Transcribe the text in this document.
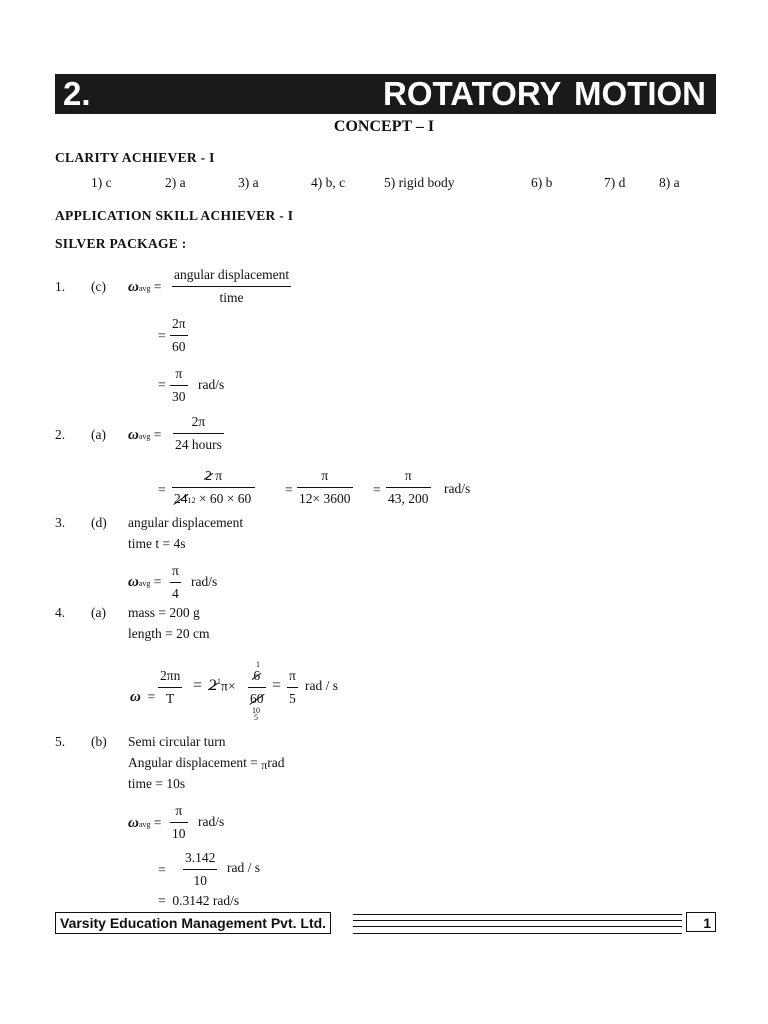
2.	ROTATORY MOTION
CONCEPT – I
CLARITY ACHIEVER - I
1) c	2) a	3) a	4) b, c	5) rigid body	6) b	7) d 8) a
APPLICATION SKILL ACHIEVER - I
SILVER PACKAGE :
1. (c) ωavg =
angular displacement
time
= $\frac{2\pi}{60}$
= $\frac{\pi}{30} rad/s$
2. (a) ωavg =
2π
24 hours
= $\frac{2 \pi}{2412 \times 60 \times 60} = \frac{\pi}{12\times 3600} = \frac{\pi}{43, 200} rad/s$
3. (d) angular displacement
time t = 4s
$\omega avg = \frac{\pi}{4} rad/s$
4. (a) mass = 200 g
length = 20 cm
$\omega = \frac{2\pi n}{T} = 2^1\pi\times$
1
$\frac{6}{60}$
10
5
= $\frac{\pi}{5}$ rad / s
5. (b) Semi circular turn
Angular displacement = πrad
time = 10s
$\omega avg = \frac{\pi}{10} rad/s$
= $\frac{3.142}{10}$ rad / s
= 0.3142 rad/s
Varsity Education Management Pvt. Ltd.	1
